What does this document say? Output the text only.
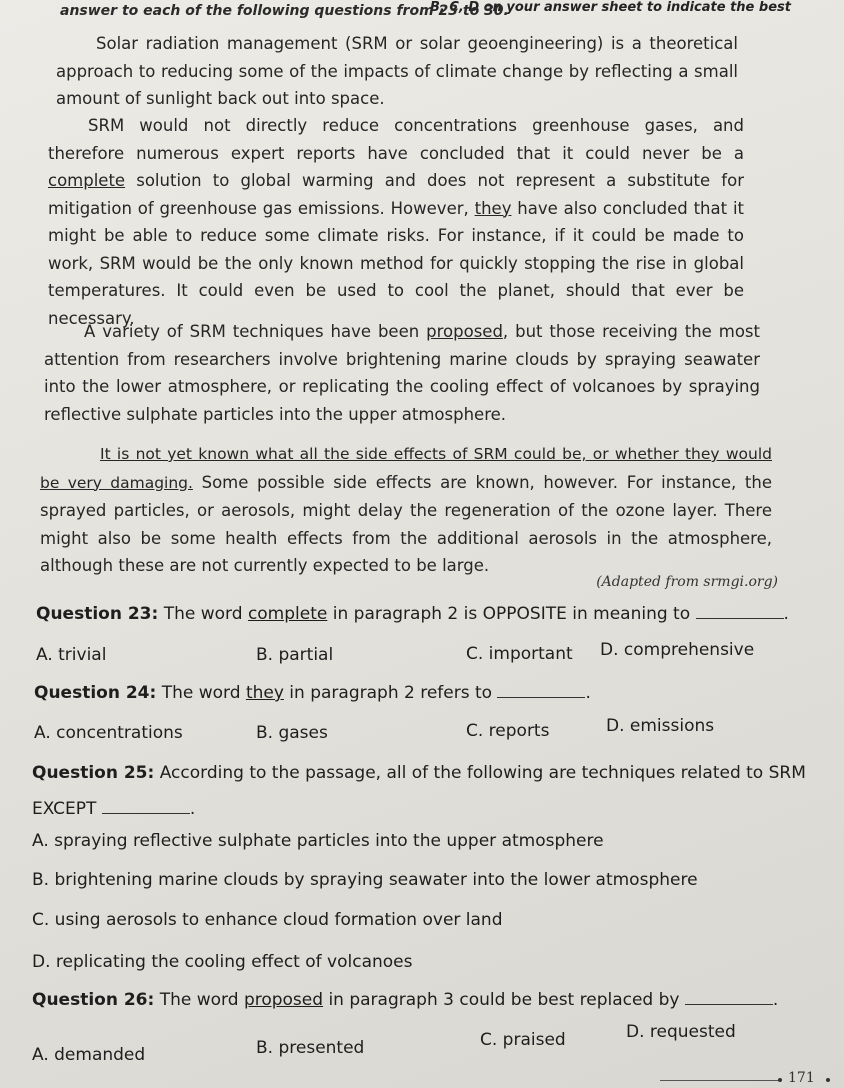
B, C, D on your answer sheet to indicate the best
answer to each of the following questions from 23 to 30.

Solar radiation management (SRM or solar geoengineering) is a theoretical approach to reducing some of the impacts of climate change by reflecting a small amount of sunlight back out into space.

SRM would not directly reduce concentrations greenhouse gases, and therefore numerous expert reports have concluded that it could never be a complete solution to global warming and does not represent a substitute for mitigation of greenhouse gas emissions. However, they have also concluded that it might be able to reduce some climate risks. For instance, if it could be made to work, SRM would be the only known method for quickly stopping the rise in global temperatures. It could even be used to cool the planet, should that ever be necessary.

A variety of SRM techniques have been proposed, but those receiving the most attention from researchers involve brightening marine clouds by spraying seawater into the lower atmosphere, or replicating the cooling effect of volcanoes by spraying reflective sulphate particles into the upper atmosphere.

It is not yet known what all the side effects of SRM could be, or whether they would be very damaging. Some possible side effects are known, however. For instance, the sprayed particles, or aerosols, might delay the regeneration of the ozone layer. There might also be some health effects from the additional aerosols in the atmosphere, although these are not currently expected to be large.

(Adapted from srmgi.org)
Question 23: The word complete in paragraph 2 is OPPOSITE in meaning to	.
A. trivial	B. partial	C. important D. comprehensive
Question 24: The word they in paragraph 2 refers to	.
A. concentrations	B. gases	C. reports	D. emissions
Question 25: According to the passage, all of the following are techniques related to SRM
EXCEPT	.
A. spraying reflective sulphate particles into the upper atmosphere
B. brightening marine clouds by spraying seawater into the lower atmosphere
C. using aerosols to enhance cloud formation over land
D. replicating the cooling effect of volcanoes
Question 26: The word proposed in paragraph 3 could be best replaced by	.
A. demanded	B. presented	C. praised	D. requested
171
